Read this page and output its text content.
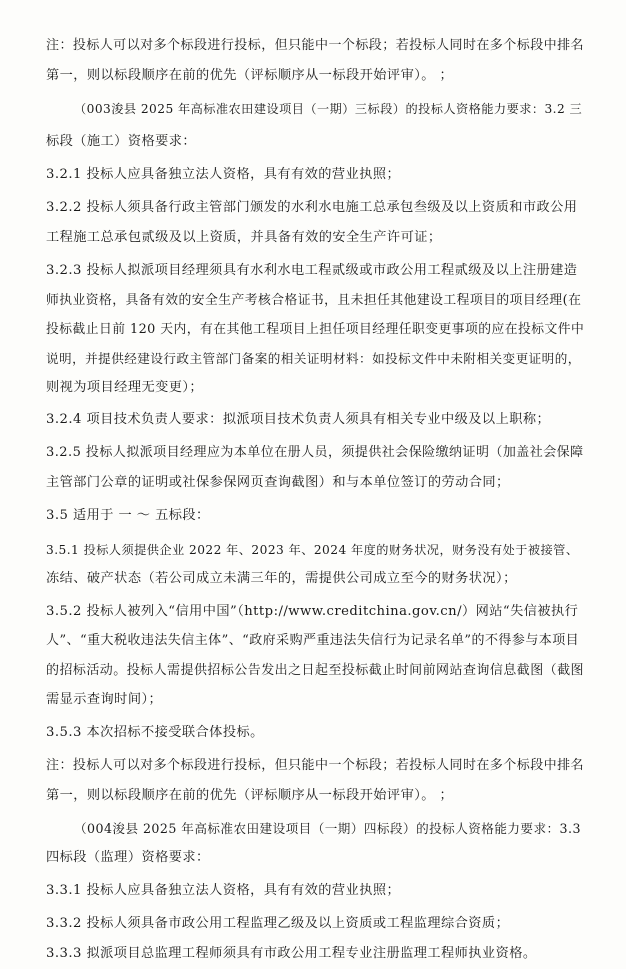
注：投标人可以对多个标段进行投标，但只能中一个标段；若投标人同时在多个标段中排名
第一，则以标段顺序在前的优先（评标顺序从一标段开始评审）。 ；
（003浚县 2025 年高标准农田建设项目（一期）三标段）的投标人资格能力要求：3.2 三
标段（施工）资格要求：
3.2.1 投标人应具备独立法人资格，具有有效的营业执照；
3.2.2 投标人须具备行政主管部门颁发的水利水电施工总承包叁级及以上资质和市政公用
工程施工总承包贰级及以上资质，并具备有效的安全生产许可证；
3.2.3 投标人拟派项目经理须具有水利水电工程贰级或市政公用工程贰级及以上注册建造
师执业资格，具备有效的安全生产考核合格证书，且未担任其他建设工程项目的项目经理(在
投标截止日前 120 天内，有在其他工程项目上担任项目经理任职变更事项的应在投标文件中
说明，并提供经建设行政主管部门备案的相关证明材料：如投标文件中未附相关变更证明的，
则视为项目经理无变更）；
3.2.4 项目技术负责人要求：拟派项目技术负责人须具有相关专业中级及以上职称；
3.2.5 投标人拟派项目经理应为本单位在册人员，须提供社会保险缴纳证明（加盖社会保障
主管部门公章的证明或社保参保网页查询截图）和与本单位签订的劳动合同；
3.5 适用于 一 ～ 五标段：
3.5.1 投标人须提供企业 2022 年、2023 年、2024 年度的财务状况，财务没有处于被接管、
冻结、破产状态（若公司成立未满三年的，需提供公司成立至今的财务状况）；
3.5.2 投标人被列入“信用中国”（http://www.creditchina.gov.cn/）网站“失信被执行
人”、“重大税收违法失信主体”、“政府采购严重违法失信行为记录名单”的不得参与本项目
的招标活动。投标人需提供招标公告发出之日起至投标截止时间前网站查询信息截图（截图
需显示查询时间）；
3.5.3 本次招标不接受联合体投标。
注：投标人可以对多个标段进行投标，但只能中一个标段；若投标人同时在多个标段中排名
第一，则以标段顺序在前的优先（评标顺序从一标段开始评审）。 ；
（004浚县 2025 年高标准农田建设项目（一期）四标段）的投标人资格能力要求：3.3
四标段（监理）资格要求：
3.3.1 投标人应具备独立法人资格，具有有效的营业执照；
3.3.2 投标人须具备市政公用工程监理乙级及以上资质或工程监理综合资质；
3.3.3 拟派项目总监理工程师须具有市政公用工程专业注册监理工程师执业资格。
